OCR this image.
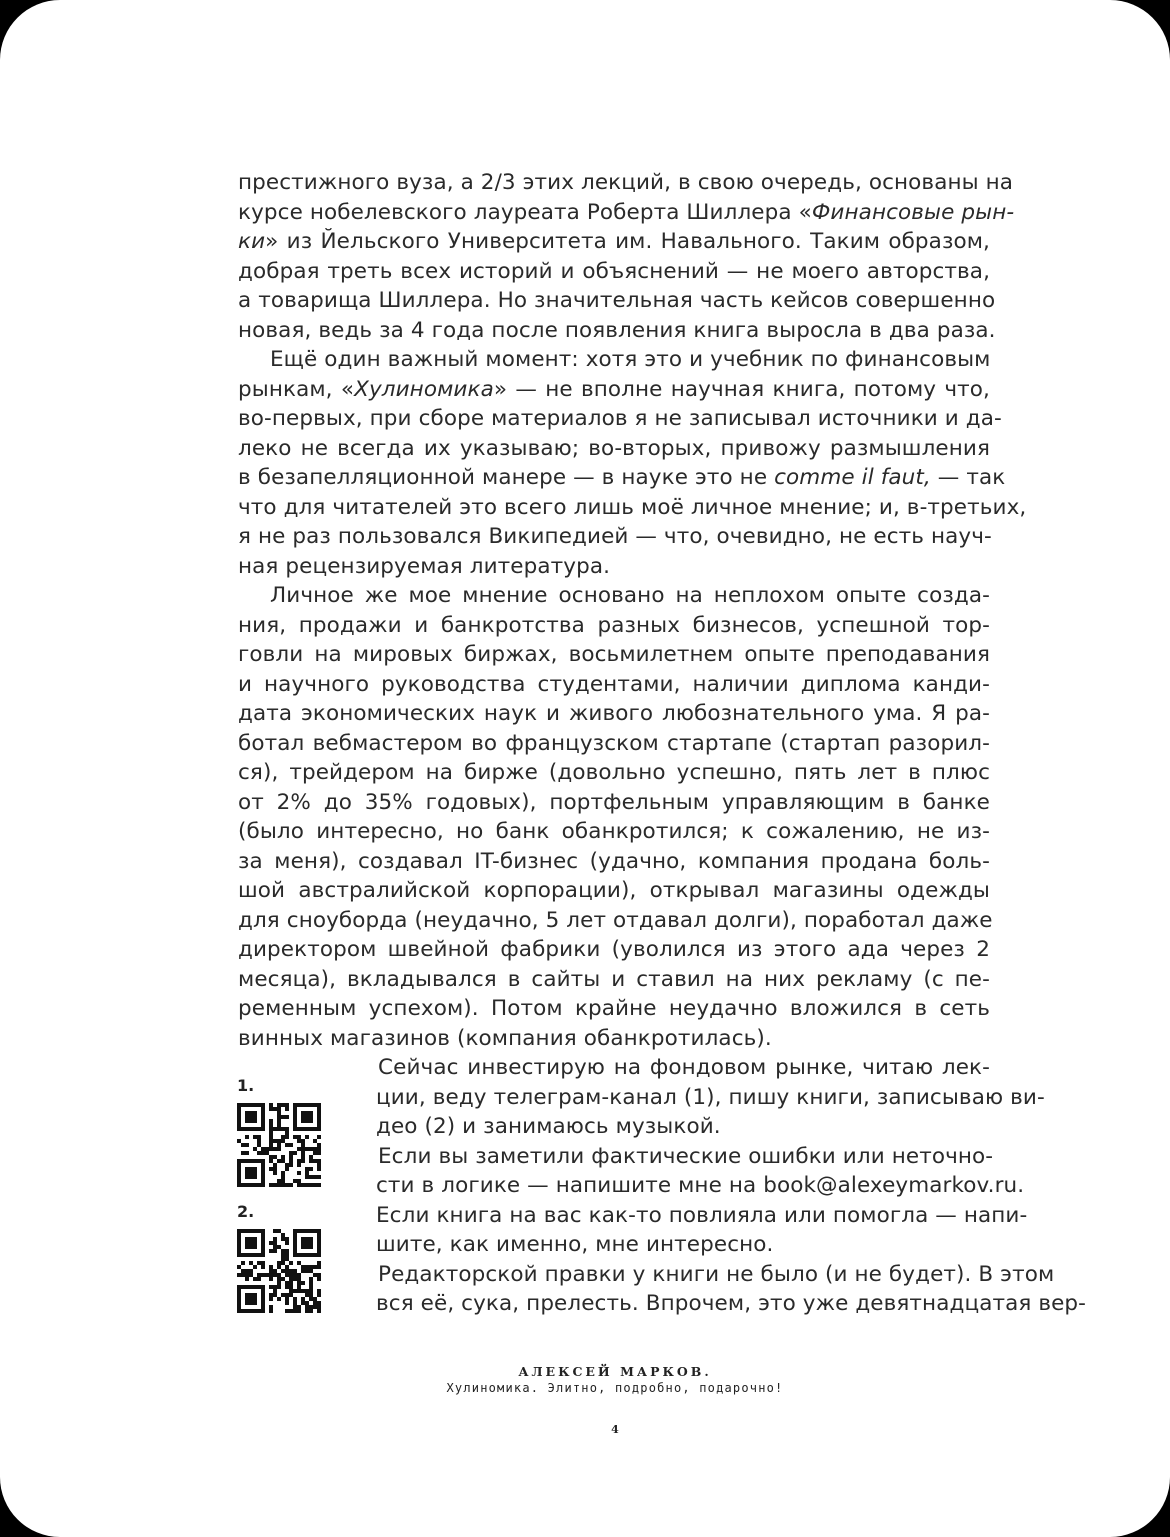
престижного вуза, а 2/3 этих лекций, в свою очередь, основаны на
курсе нобелевского лауреата Роберта Шиллера «Финансовые рын-
ки» из Йельского Университета им. Навального. Таким образом,
добрая треть всех историй и объяснений — не моего авторства,
а товарища Шиллера. Но значительная часть кейсов совершенно
новая, ведь за 4 года после появления книга выросла в два раза.
Ещё один важный момент: хотя это и учебник по финансовым
рынкам, «Хулиномика» — не вполне научная книга, потому что,
во-первых, при сборе материалов я не записывал источники и да-
леко не всегда их указываю; во-вторых, привожу размышления
в безапелляционной манере — в науке это не comme il faut, — так
что для читателей это всего лишь моё личное мнение; и, в-третьих,
я не раз пользовался Википедией — что, очевидно, не есть науч-
ная рецензируемая литература.
Личное же мое мнение основано на неплохом опыте созда-
ния, продажи и банкротства разных бизнесов, успешной тор-
говли на мировых биржах, восьмилетнем опыте преподавания
и научного руководства студентами, наличии диплома канди-
дата экономических наук и живого любознательного ума. Я ра-
ботал вебмастером во французском стартапе (стартап разорил-
ся), трейдером на бирже (довольно успешно, пять лет в плюс
от 2% до 35% годовых), портфельным управляющим в банке
(было интересно, но банк обанкротился; к сожалению, не из-
за меня), создавал IT-бизнес (удачно, компания продана боль-
шой австралийской корпорации), открывал магазины одежды
для сноуборда (неудачно, 5 лет отдавал долги), поработал даже
директором швейной фабрики (уволился из этого ада через 2
месяца), вкладывался в сайты и ставил на них рекламу (с пе-
ременным успехом). Потом крайне неудачно вложился в сеть
винных магазинов (компания обанкротилась).
Сейчас инвестирую на фондовом рынке, читаю лек-
ции, веду телеграм-канал (1), пишу книги, записываю ви-
део (2) и занимаюсь музыкой.
Если вы заметили фактические ошибки или неточно-
сти в логике — напишите мне на book@alexeymarkov.ru.
Если книга на вас как-то повлияла или помогла — напи-
шите, как именно, мне интересно.
Редакторской правки у книги не было (и не будет). В этом
вся её, сука, прелесть. Впрочем, это уже девятнадцатая вер-
1.
2.
АЛЕКСЕЙ МАРКОВ.
Хулиномика. Элитно, подробно, подарочно!
4
